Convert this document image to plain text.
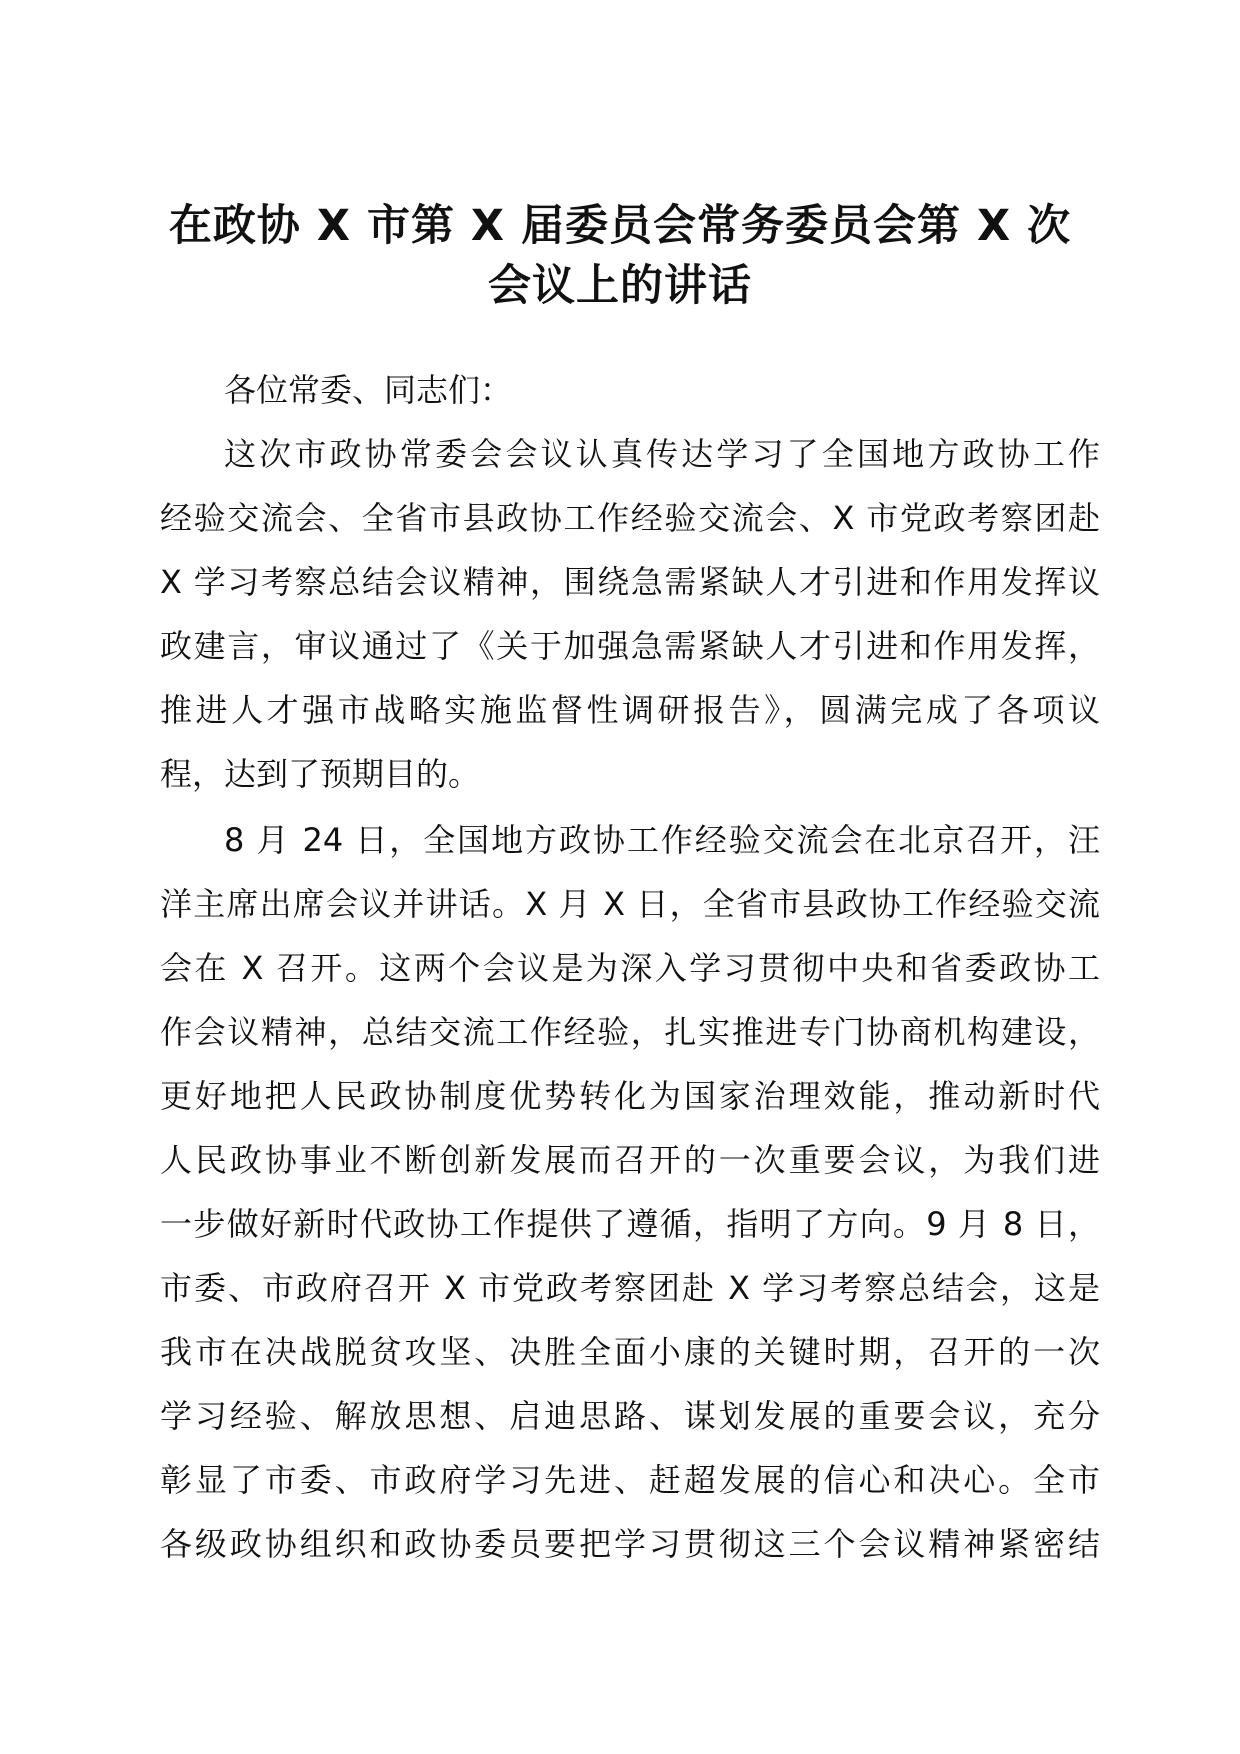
在政协 X 市第 X 届委员会常务委员会第 X 次
会议上的讲话
各位常委、同志们：
这次市政协常委会会议认真传达学习了全国地方政协工作
经验交流会、全省市县政协工作经验交流会、X 市党政考察团赴
X 学习考察总结会议精神，围绕急需紧缺人才引进和作用发挥议
政建言，审议通过了《关于加强急需紧缺人才引进和作用发挥，
推进人才强市战略实施监督性调研报告》，圆满完成了各项议
程，达到了预期目的。
8 月 24 日，全国地方政协工作经验交流会在北京召开，汪
洋主席出席会议并讲话。X 月 X 日，全省市县政协工作经验交流
会在 X 召开。这两个会议是为深入学习贯彻中央和省委政协工
作会议精神，总结交流工作经验，扎实推进专门协商机构建设，
更好地把人民政协制度优势转化为国家治理效能，推动新时代
人民政协事业不断创新发展而召开的一次重要会议，为我们进
一步做好新时代政协工作提供了遵循，指明了方向。9 月 8 日，
市委、市政府召开 X 市党政考察团赴 X 学习考察总结会，这是
我市在决战脱贫攻坚、决胜全面小康的关键时期，召开的一次
学习经验、解放思想、启迪思路、谋划发展的重要会议，充分
彰显了市委、市政府学习先进、赶超发展的信心和决心。全市
各级政协组织和政协委员要把学习贯彻这三个会议精神紧密结
